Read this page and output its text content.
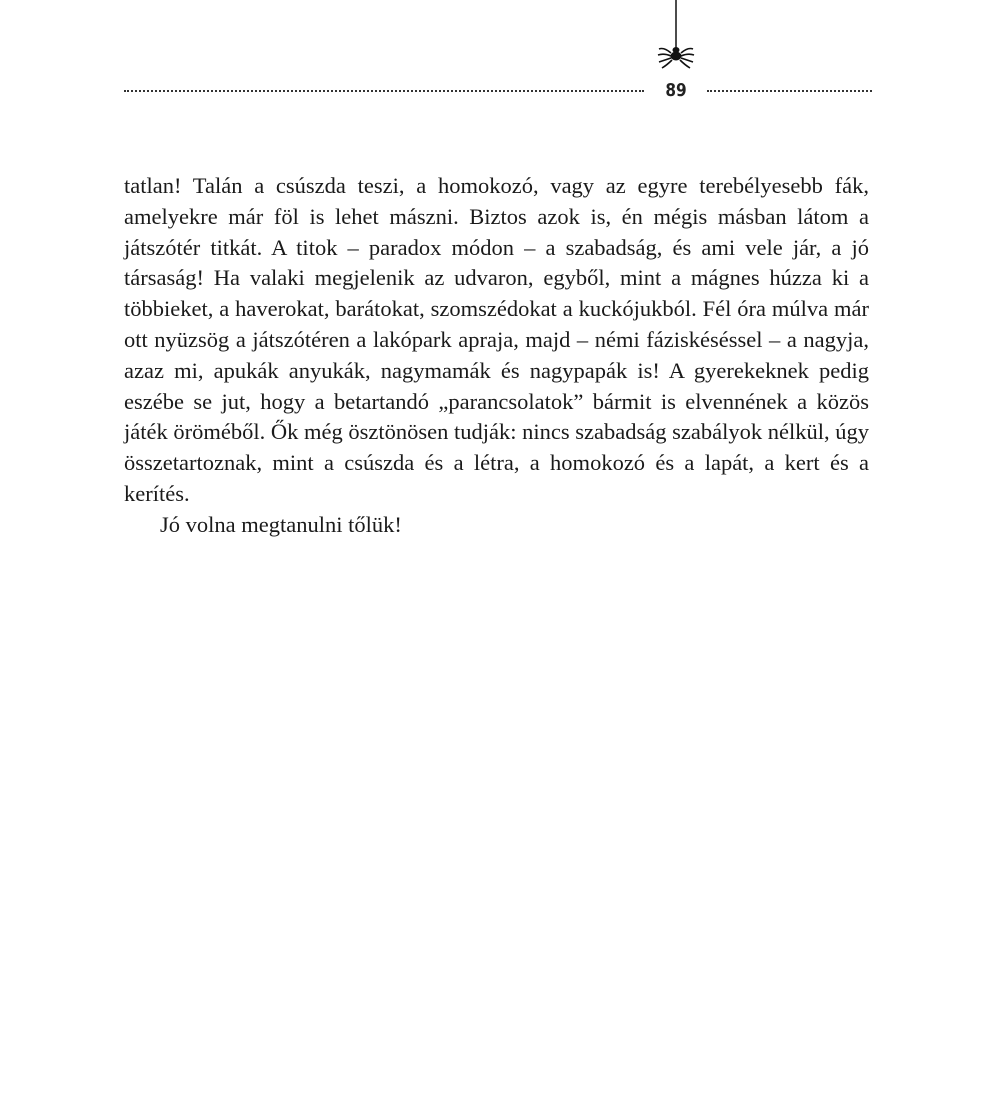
89

tatlan! Talán a csúszda teszi, a homokozó, vagy az egyre terebélyesebb fák, amelyekre már föl is lehet mászni. Biztos azok is, én mégis másban látom a játszótér titkát. A titok – paradox módon – a szabadság, és ami vele jár, a jó társaság! Ha valaki megjelenik az udvaron, egyből, mint a mágnes húzza ki a többieket, a haverokat, barátokat, szomszédokat a kuckójukból. Fél óra múlva már ott nyüzsög a játszótéren a lakópark apraja, majd – némi fáziskéséssel – a nagyja, azaz mi, apukák anyukák, nagymamák és nagypapák is! A gyerekeknek pedig eszébe se jut, hogy a betartandó „parancsolatok” bármit is elvennének a közös játék öröméből. Ők még ösztönösen tudják: nincs szabadság szabályok nélkül, úgy összetartoznak, mint a csúszda és a létra, a homokozó és a lapát, a kert és a kerítés.

Jó volna megtanulni tőlük!
